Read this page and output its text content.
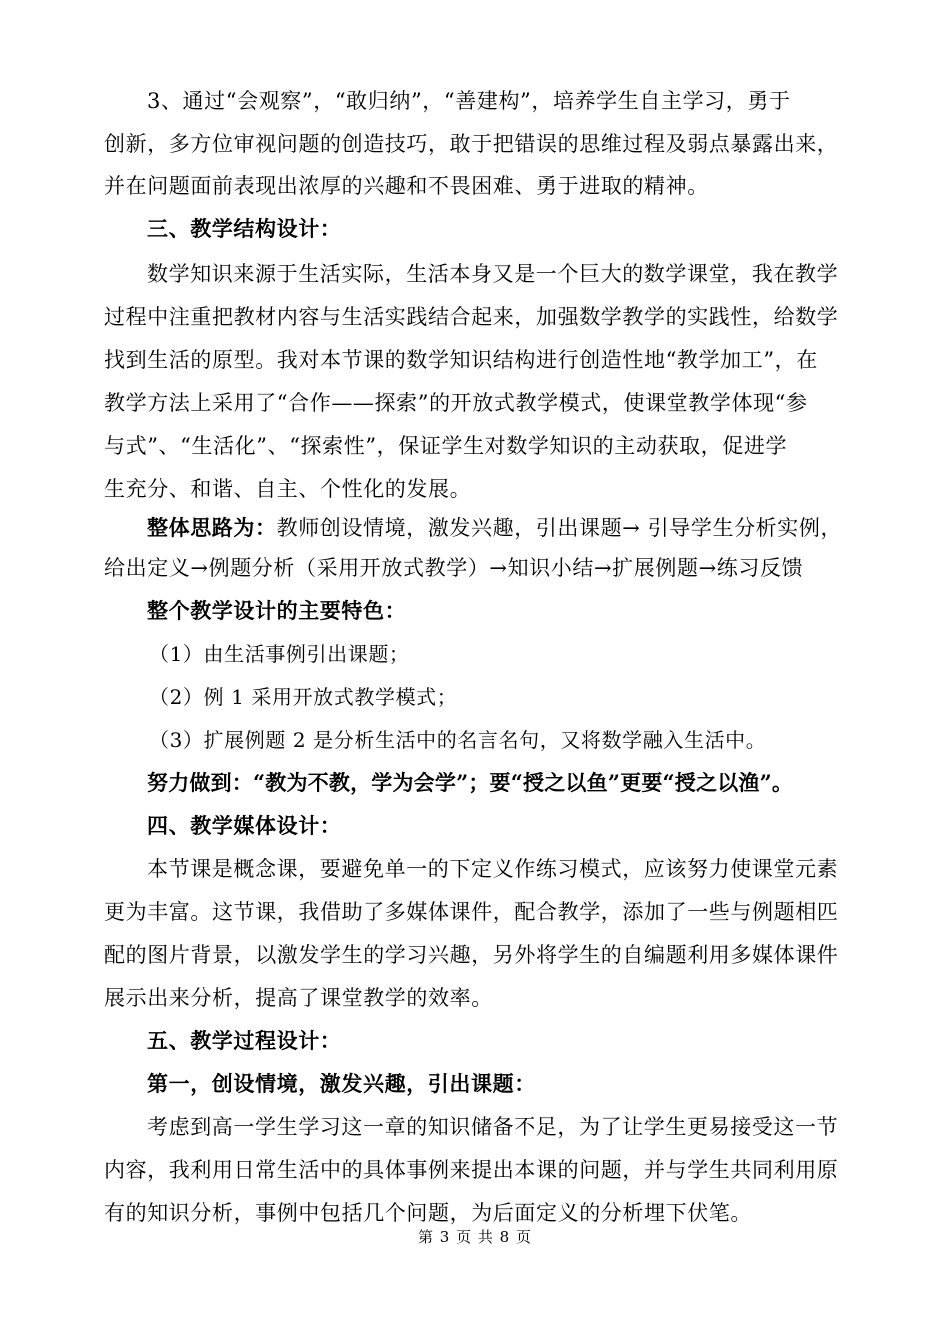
3、通过“会观察”，“敢归纳”，“善建构”，培养学生自主学习，勇于
创新，多方位审视问题的创造技巧，敢于把错误的思维过程及弱点暴露出来，
并在问题面前表现出浓厚的兴趣和不畏困难、勇于进取的精神。
三、教学结构设计：
数学知识来源于生活实际，生活本身又是一个巨大的数学课堂，我在教学
过程中注重把教材内容与生活实践结合起来，加强数学教学的实践性，给数学
找到生活的原型。我对本节课的数学知识结构进行创造性地“教学加工”，在
教学方法上采用了“合作——探索”的开放式教学模式，使课堂教学体现“参
与式”、“生活化”、“探索性”，保证学生对数学知识的主动获取，促进学
生充分、和谐、自主、个性化的发展。
整体思路为：教师创设情境，激发兴趣，引出课题→ 引导学生分析实例，
给出定义→例题分析（采用开放式教学）→知识小结→扩展例题→练习反馈
整个教学设计的主要特色：
（1）由生活事例引出课题；
（2）例 1 采用开放式教学模式；
（3）扩展例题 2 是分析生活中的名言名句，又将数学融入生活中。
努力做到：“教为不教，学为会学”；要“授之以鱼”更要“授之以渔”。
四、教学媒体设计：
本节课是概念课，要避免单一的下定义作练习模式，应该努力使课堂元素
更为丰富。这节课，我借助了多媒体课件，配合教学，添加了一些与例题相匹
配的图片背景，以激发学生的学习兴趣，另外将学生的自编题利用多媒体课件
展示出来分析，提高了课堂教学的效率。
五、教学过程设计：
第一，创设情境，激发兴趣，引出课题：
考虑到高一学生学习这一章的知识储备不足，为了让学生更易接受这一节
内容，我利用日常生活中的具体事例来提出本课的问题，并与学生共同利用原
有的知识分析，事例中包括几个问题，为后面定义的分析埋下伏笔。
第 3 页 共 8 页
